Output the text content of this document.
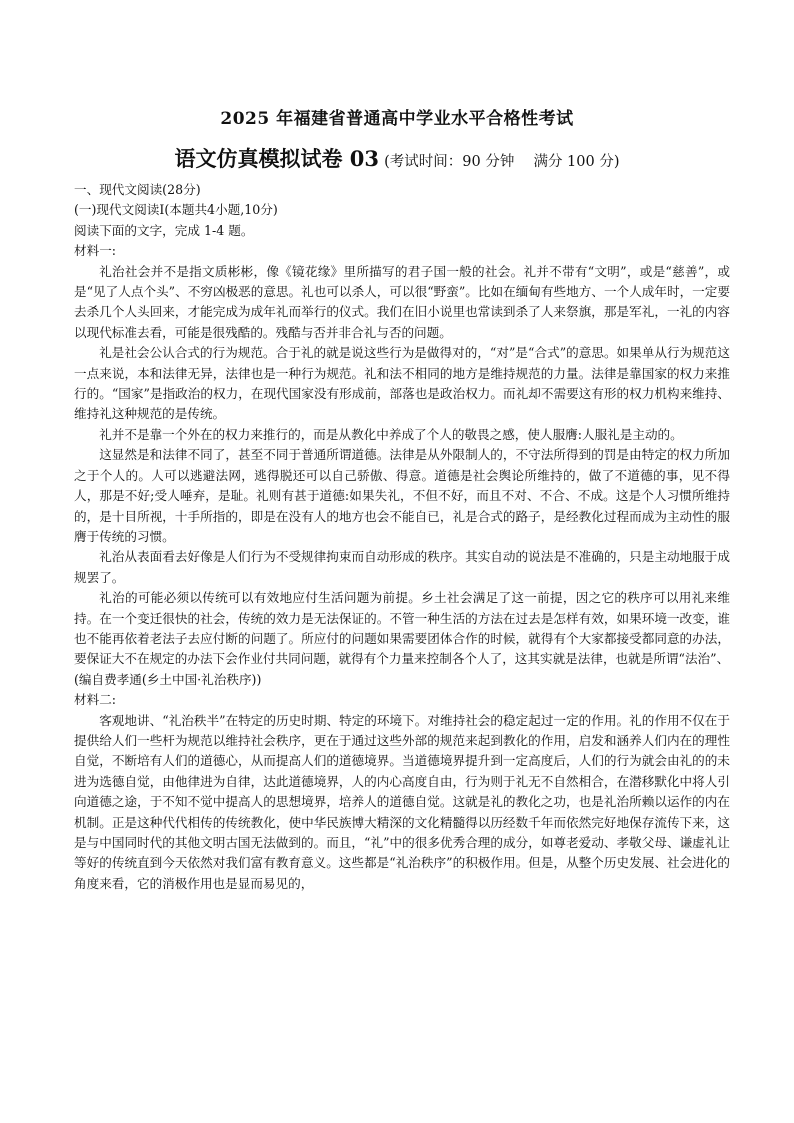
2025 年福建省普通高中学业水平合格性考试
语文仿真模拟试卷 03 (考试时间：90 分钟　 满分 100 分)

一、现代文阅读(28分)

(一)现代文阅读Ⅰ(本题共4小题,10分)

阅读下面的文字，完成 1-4 题。

材料一:

礼治社会并不是指文质彬彬，像《镜花缘》里所描写的君子国一般的社会。礼并不带有“文明”，或是“慈善”，或是“见了人点个头”、不穷凶极恶的意思。礼也可以杀人，可以很“野蛮”。比如在缅甸有些地方、一个人成年时，一定要去杀几个人头回来，才能完成为成年礼而举行的仪式。我们在旧小说里也常读到杀了人来祭旗，那是军礼，一礼的内容以现代标准去看，可能是很残酷的。残酷与否并非合礼与否的问题。

礼是社会公认合式的行为规范。合于礼的就是说这些行为是做得对的，“对”是“合式”的意思。如果单从行为规范这一点来说，本和法律无异，法律也是一种行为规范。礼和法不相同的地方是维持规范的力量。法律是靠国家的权力来推行的。“国家”是指政治的权力，在现代国家没有形成前，部落也是政治权力。而礼却不需要这有形的权力机构来维持、维持礼这种规范的是传统。

礼并不是靠一个外在的权力来推行的，而是从教化中养成了个人的敬畏之感，使人服膺:人服礼是主动的。

这显然是和法律不同了，甚至不同于普通所谓道德。法律是从外限制人的，不守法所得到的罚是由特定的权力所加之于个人的。人可以逃避法网，逃得脱还可以自己骄傲、得意。道德是社会舆论所维持的，做了不道德的事，见不得人，那是不好;受人唾弃，是耻。礼则有甚于道德:如果失礼，不但不好，而且不对、不合、不成。这是个人习惯所维持的，是十目所视，十手所指的，即是在没有人的地方也会不能自已，礼是合式的路子，是经教化过程而成为主动性的服膺于传统的习惯。

礼治从表面看去好像是人们行为不受规律拘束而自动形成的秩序。其实自动的说法是不准确的，只是主动地服于成规罢了。

礼治的可能必须以传统可以有效地应付生活问题为前提。乡土社会满足了这一前提，因之它的秩序可以用礼来维持。在一个变迁很快的社会，传统的效力是无法保证的。不管一种生活的方法在过去是怎样有效，如果环境一改变，谁也不能再依着老法子去应付断的问题了。所应付的问题如果需要团体合作的时候，就得有个大家都接受都同意的办法，要保证大不在规定的办法下会作业付共同问题，就得有个力量来控制各个人了，这其实就是法律，也就是所谓“法治”、

(编自费孝通(乡土中国·礼治秩序))

材料二:

客观地讲、“礼治秩半”在特定的历史时期、特定的环境下。对维持社会的稳定起过一定的作用。礼的作用不仅在于提供给人们一些杆为规范以维持社会秩序，更在于通过这些外部的规范来起到教化的作用，启发和涵养人们内在的理性自觉，不断培有人们的道德心，从而提高人们的道德境界。当道德境界提升到一定高度后，人们的行为就会由礼的的未进为选德自觉，由他律进为自律，达此道德境界，人的内心高度自由，行为则于礼无不自然相合，在潜移默化中将人引向道德之途，于不知不觉中提高人的思想境界，培养人的道德自觉。这就是礼的教化之功，也是礼治所赖以运作的内在机制。正是这种代代相传的传统教化，使中华民族博大精深的文化精髓得以历经数千年而依然完好地保存流传下来，这是与中国同时代的其他文明古国无法做到的。而且，“礼”中的很多优秀合理的成分，如尊老爱动、孝敬父母、谦虚礼让等好的传统直到今天依然对我们富有教育意义。这些都是“礼治秩序”的积极作用。但是，从整个历史发展、社会进化的角度来看，它的消极作用也是显而易见的，
